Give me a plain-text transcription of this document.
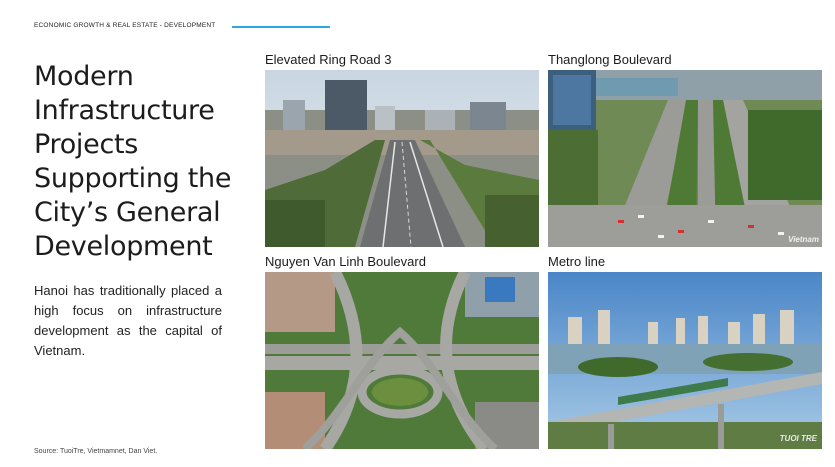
ECONOMIC GROWTH & REAL ESTATE - DEVELOPMENT
Modern
Infrastructure
Projects
Supporting the
City’s General
Development
Hanoi has traditionally placed a high focus on infrastructure development as the capital of Vietnam.
Source: TuoiTre, Vietmamnet, Dan Viet.
Elevated Ring Road 3	Thanglong Boulevard
Vietnam
Nguyen Van Linh Boulevard	Metro line
TUOI TRE
